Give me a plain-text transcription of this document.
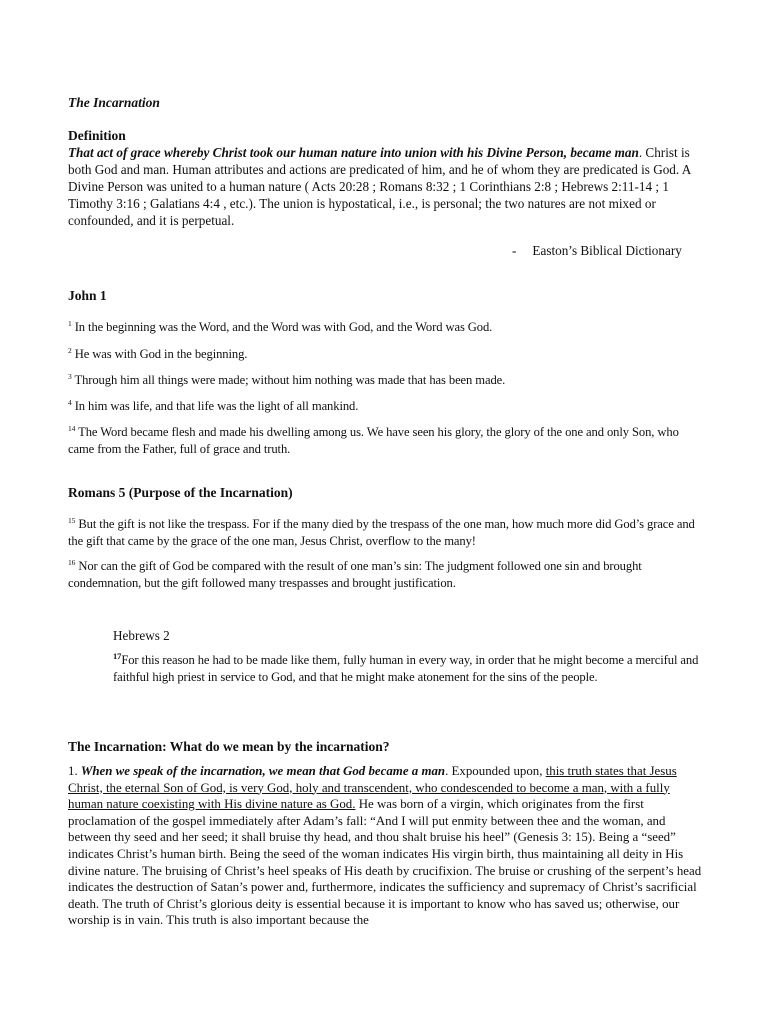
The Incarnation
Definition
That act of grace whereby Christ took our human nature into union with his Divine Person, became man. Christ is both God and man. Human attributes and actions are predicated of him, and he of whom they are predicated is God. A Divine Person was united to a human nature ( Acts 20:28 ; Romans 8:32 ; 1 Corinthians 2:8 ; Hebrews 2:11-14 ; 1 Timothy 3:16 ; Galatians 4:4 , etc.). The union is hypostatical, i.e., is personal; the two natures are not mixed or confounded, and it is perpetual.
- Easton’s Biblical Dictionary
John 1
$^1$ In the beginning was the Word, and the Word was with God, and the Word was God.
$^2$ He was with God in the beginning.
$^3$ Through him all things were made; without him nothing was made that has been made.
$^4$ In him was life, and that life was the light of all mankind.
$^{14}$ The Word became flesh and made his dwelling among us. We have seen his glory, the glory of the one and only Son, who came from the Father, full of grace and truth.
Romans 5 (Purpose of the Incarnation)
$^{15}$ But the gift is not like the trespass. For if the many died by the trespass of the one man, how much more did God’s grace and the gift that came by the grace of the one man, Jesus Christ, overflow to the many!
$^{16}$ Nor can the gift of God be compared with the result of one man’s sin: The judgment followed one sin and brought condemnation, but the gift followed many trespasses and brought justification.
Hebrews 2
$^{17}$For this reason he had to be made like them, fully human in every way, in order that he might become a merciful and faithful high priest in service to God, and that he might make atonement for the sins of the people.
The Incarnation: What do we mean by the incarnation?
1. When we speak of the incarnation, we mean that God became a man. Expounded upon, this truth states that Jesus Christ, the eternal Son of God, is very God, holy and transcendent, who condescended to become a man, with a fully human nature coexisting with His divine nature as God. He was born of a virgin, which originates from the first proclamation of the gospel immediately after Adam’s fall: “And I will put enmity between thee and the woman, and between thy seed and her seed; it shall bruise thy head, and thou shalt bruise his heel” (Genesis 3: 15). Being a “seed” indicates Christ’s human birth. Being the seed of the woman indicates His virgin birth, thus maintaining all deity in His divine nature. The bruising of Christ’s heel speaks of His death by crucifixion. The bruise or crushing of the serpent’s head indicates the destruction of Satan’s power and, furthermore, indicates the sufficiency and supremacy of Christ’s sacrificial death. The truth of Christ’s glorious deity is essential because it is important to know who has saved us; otherwise, our worship is in vain. This truth is also important because the
